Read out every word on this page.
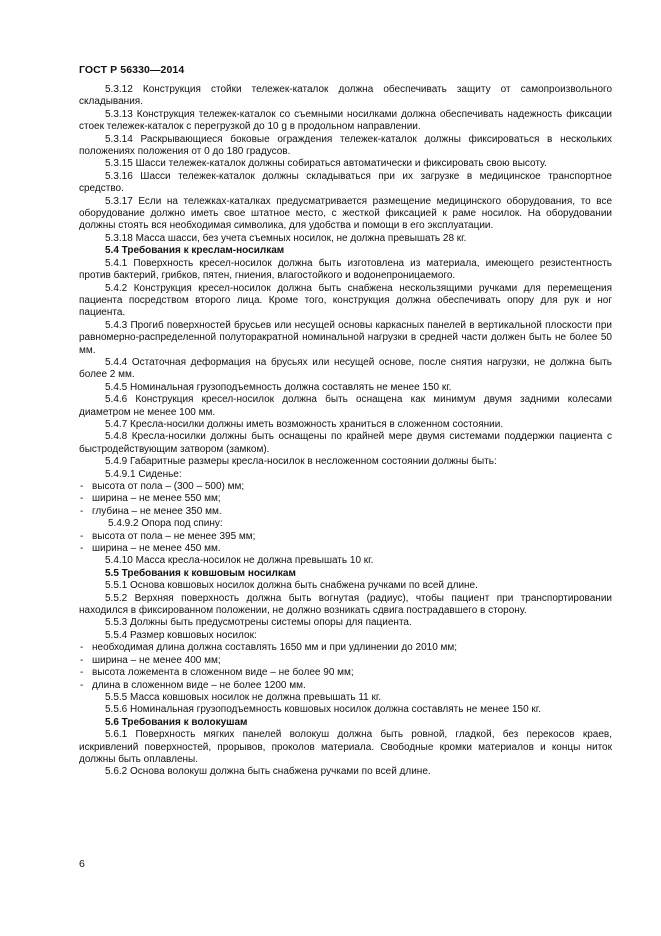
ГОСТ Р 56330—2014
5.3.12 Конструкция стойки тележек-каталок должна обеспечивать защиту от самопроизвольного складывания.
5.3.13 Конструкция тележек-каталок со съемными носилками должна обеспечивать надежность фиксации стоек тележек-каталок с перегрузкой до 10 g в продольном направлении.
5.3.14 Раскрывающиеся боковые ограждения тележек-каталок должны фиксироваться в нескольких положениях положения от 0 до 180 градусов.
5.3.15 Шасси тележек-каталок должны собираться автоматически и фиксировать свою высоту.
5.3.16 Шасси тележек-каталок должны складываться при их загрузке в медицинское транспортное средство.
5.3.17 Если на тележках-каталках предусматривается размещение медицинского оборудования, то все оборудование должно иметь свое штатное место, с жесткой фиксацией к раме носилок. На оборудовании должны стоять вся необходимая символика, для удобства и помощи в его эксплуатации.
5.3.18 Масса шасси, без учета съемных носилок, не должна превышать 28 кг.
5.4 Требования к креслам-носилкам
5.4.1 Поверхность кресел-носилок должна быть изготовлена из материала, имеющего резистентность против бактерий, грибков, пятен, гниения, влагостойкого и водонепроницаемого.
5.4.2 Конструкция кресел-носилок должна быть снабжена нескользящими ручками для перемещения пациента посредством второго лица. Кроме того, конструкция должна обеспечивать опору для рук и ног пациента.
5.4.3 Прогиб поверхностей брусьев или несущей основы каркасных панелей в вертикальной плоскости при равномерно-распределенной полуторакратной номинальной нагрузки в средней части должен быть не более 50 мм.
5.4.4 Остаточная деформация на брусьях или несущей основе, после снятия нагрузки, не должна быть более 2 мм.
5.4.5 Номинальная грузоподъемность должна составлять не менее 150 кг.
5.4.6 Конструкция кресел-носилок должна быть оснащена как минимум двумя задними колесами диаметром не менее 100 мм.
5.4.7 Кресла-носилки должны иметь возможность храниться в сложенном состоянии.
5.4.8 Кресла-носилки должны быть оснащены по крайней мере двумя системами поддержки пациента с быстродействующим затвором (замком).
5.4.9 Габаритные размеры кресла-носилок в несложенном состоянии должны быть:
5.4.9.1 Сиденье:
- высота от пола – (300 – 500) мм;
- ширина – не менее 550 мм;
- глубина – не менее 350 мм.
5.4.9.2 Опора под спину:
- высота от пола – не менее 395 мм;
- ширина – не менее 450 мм.
5.4.10 Масса кресла-носилок не должна превышать 10 кг.
5.5 Требования к ковшовым носилкам
5.5.1 Основа ковшовых носилок должна быть снабжена ручками по всей длине.
5.5.2 Верхняя поверхность должна быть вогнутая (радиус), чтобы пациент при транспортировании находился в фиксированном положении, не должно возникать сдвига пострадавшего в сторону.
5.5.3 Должны быть предусмотрены системы опоры для пациента.
5.5.4 Размер ковшовых носилок:
- необходимая длина должна составлять 1650 мм и при удлинении до 2010 мм;
- ширина – не менее 400 мм;
- высота ложемента в сложенном виде – не более 90 мм;
- длина в сложенном виде – не более 1200 мм.
5.5.5 Масса ковшовых носилок не должна превышать 11 кг.
5.5.6 Номинальная грузоподъемность ковшовых носилок должна составлять не менее 150 кг.
5.6 Требования к волокушам
5.6.1 Поверхность мягких панелей волокуш должна быть ровной, гладкой, без перекосов краев, искривлений поверхностей, прорывов, проколов материала. Свободные кромки материалов и концы ниток должны быть оплавлены.
5.6.2 Основа волокуш должна быть снабжена ручками по всей длине.
6
